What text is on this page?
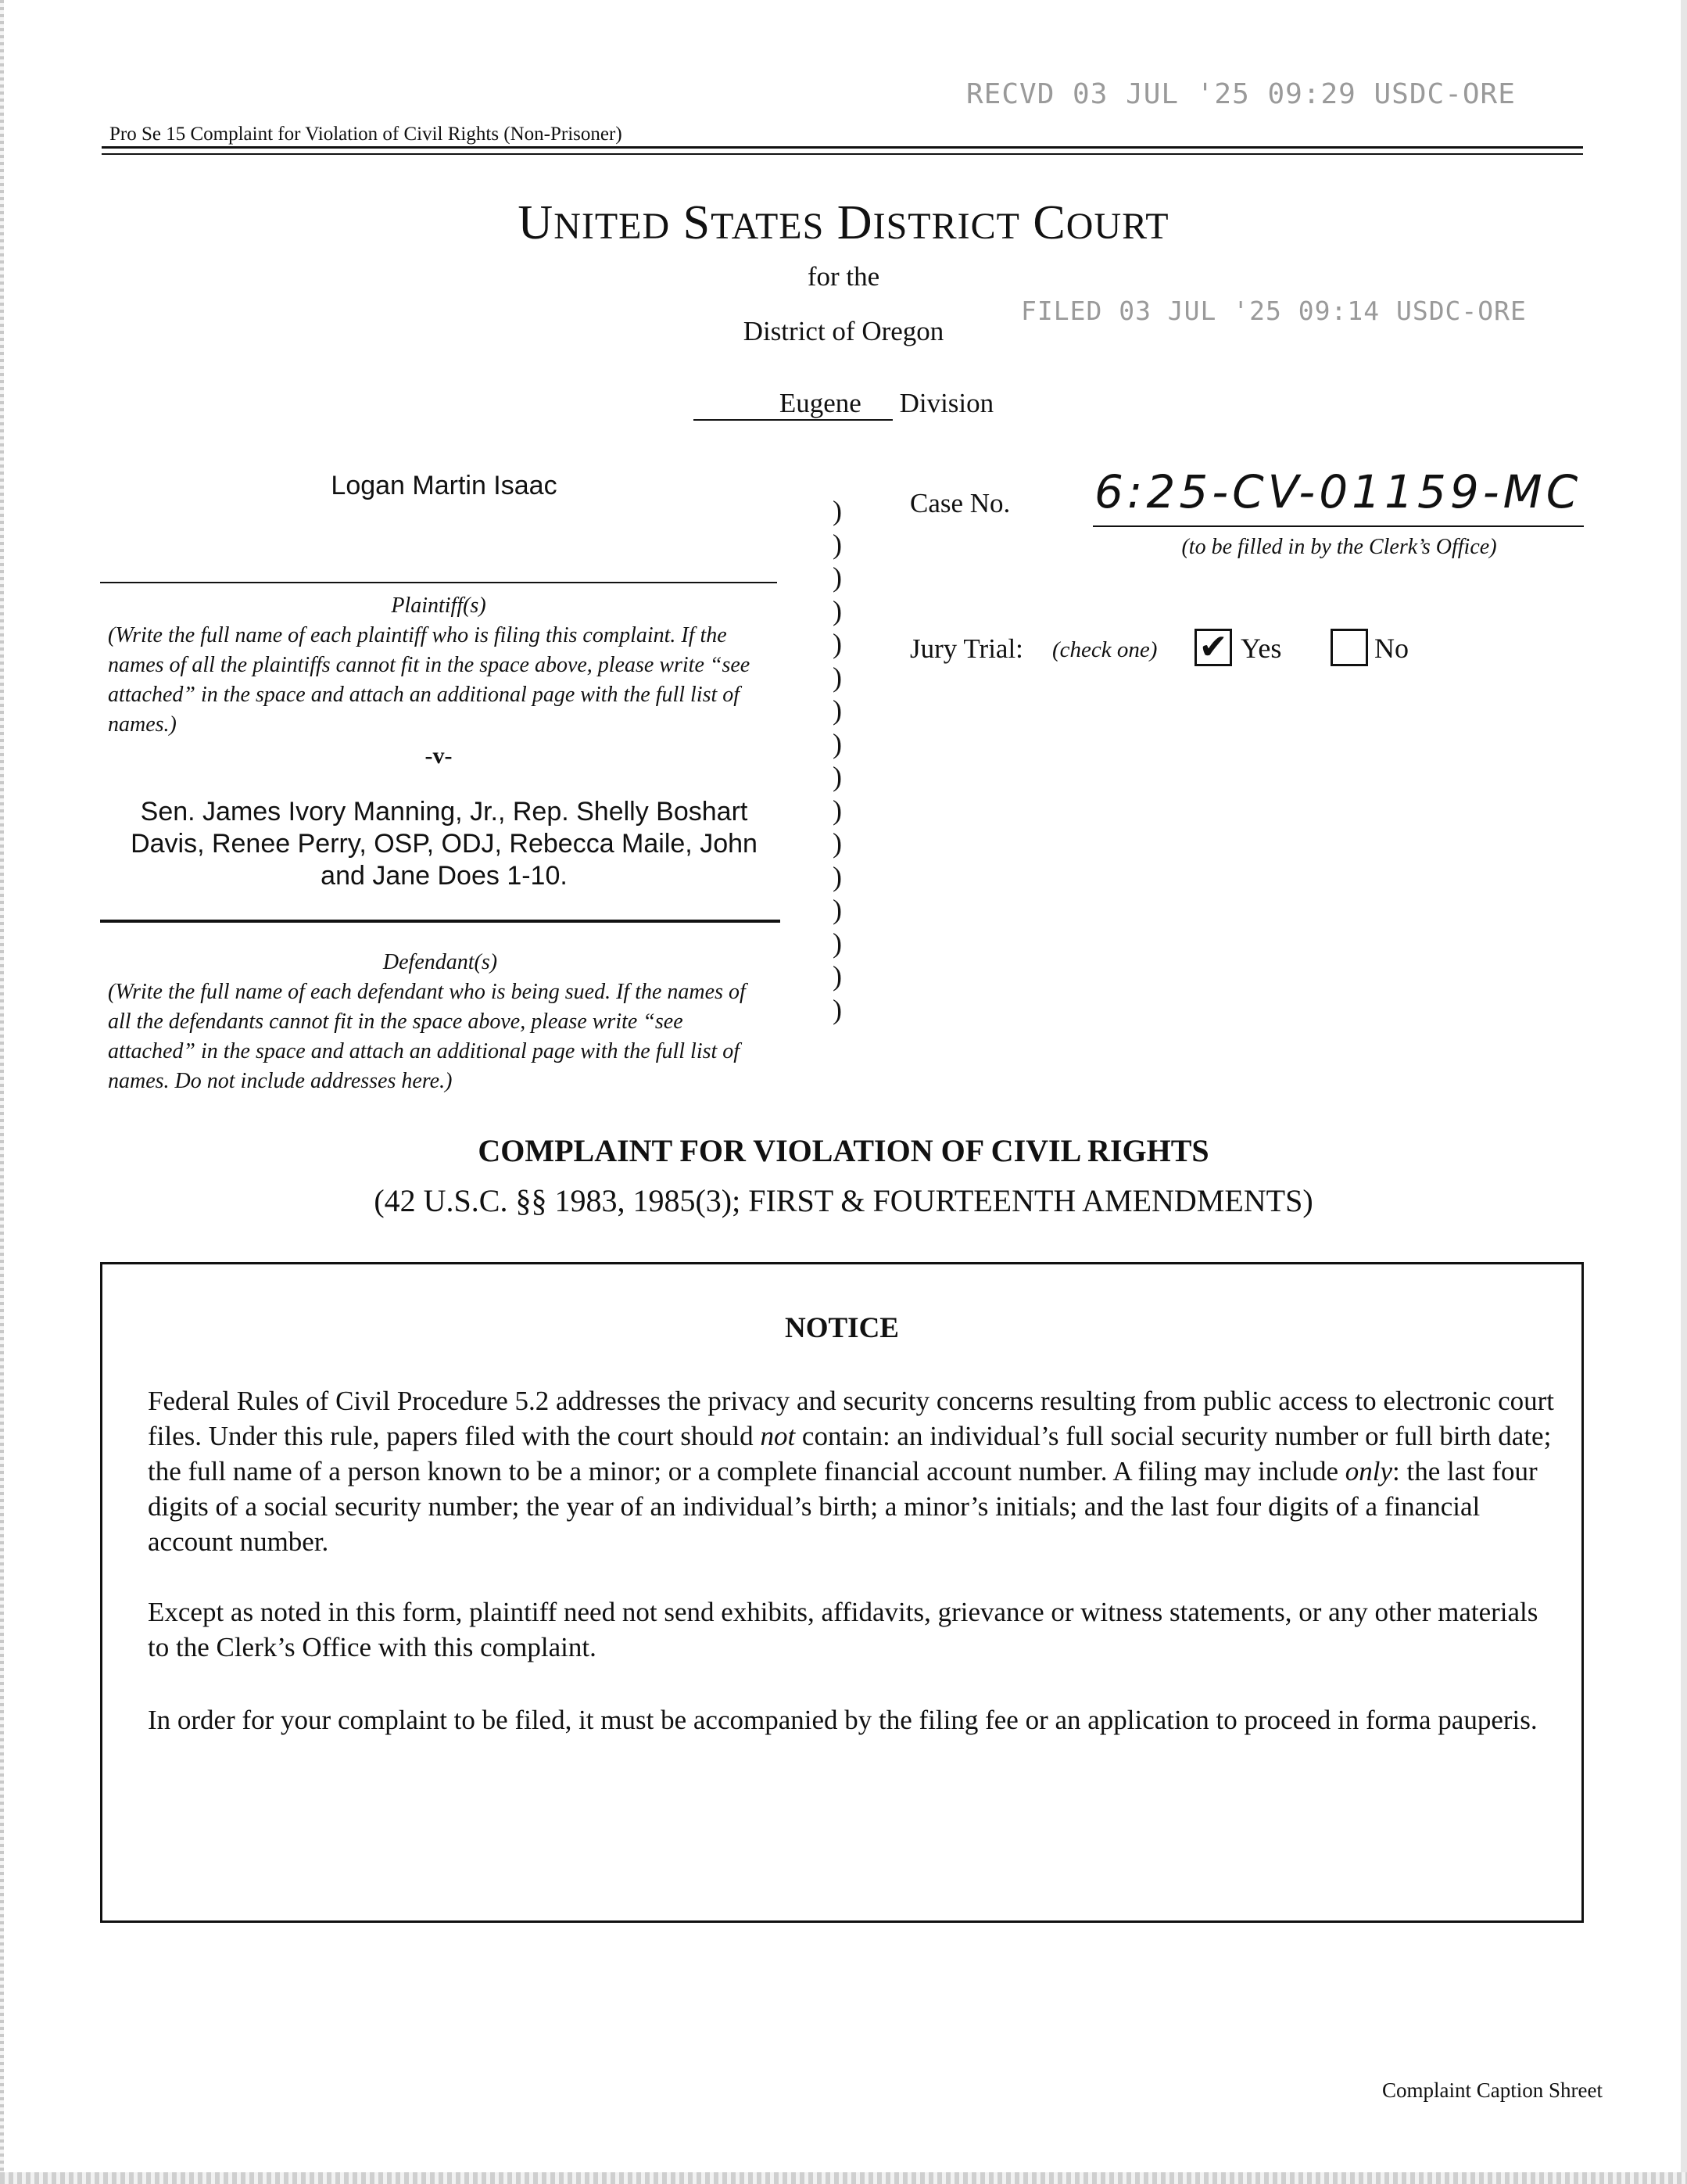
RECVD 03 JUL '25 09:29 USDC-ORE
FILED 03 JUL '25 09:14 USDC-ORE
Pro Se 15 Complaint for Violation of Civil Rights (Non-Prisoner)
UNITED STATES DISTRICT COURT
for the
District of Oregon
Eugene Division
Logan Martin Isaac
Plaintiff(s)
(Write the full name of each plaintiff who is filing this complaint. If the names of all the plaintiffs cannot fit in the space above, please write “see attached” in the space and attach an additional page with the full list of names.)
-v-
Sen. James Ivory Manning, Jr., Rep. Shelly Boshart Davis, Renee Perry, OSP, ODJ, Rebecca Maile, John and Jane Does 1-10.
Defendant(s)
(Write the full name of each defendant who is being sued. If the names of all the defendants cannot fit in the space above, please write “see attached” in the space and attach an additional page with the full list of names. Do not include addresses here.)
)
)
)
)
)
)
)
)
)
)
)
)
)
)
)
)
Case No. 6:25-CV-01159-MC
(to be filled in by the Clerk’s Office)
Jury Trial: (check one) ✔ Yes	No
COMPLAINT FOR VIOLATION OF CIVIL RIGHTS
(42 U.S.C. §§ 1983, 1985(3); FIRST & FOURTEENTH AMENDMENTS)
NOTICE
Federal Rules of Civil Procedure 5.2 addresses the privacy and security concerns resulting from public access to electronic court files. Under this rule, papers filed with the court should not contain: an individual’s full social security number or full birth date; the full name of a person known to be a minor; or a complete financial account number. A filing may include only: the last four digits of a social security number; the year of an individual’s birth; a minor’s initials; and the last four digits of a financial account number.
Except as noted in this form, plaintiff need not send exhibits, affidavits, grievance or witness statements, or any other materials to the Clerk’s Office with this complaint.
In order for your complaint to be filed, it must be accompanied by the filing fee or an application to proceed in forma pauperis.
Complaint Caption Shreet
